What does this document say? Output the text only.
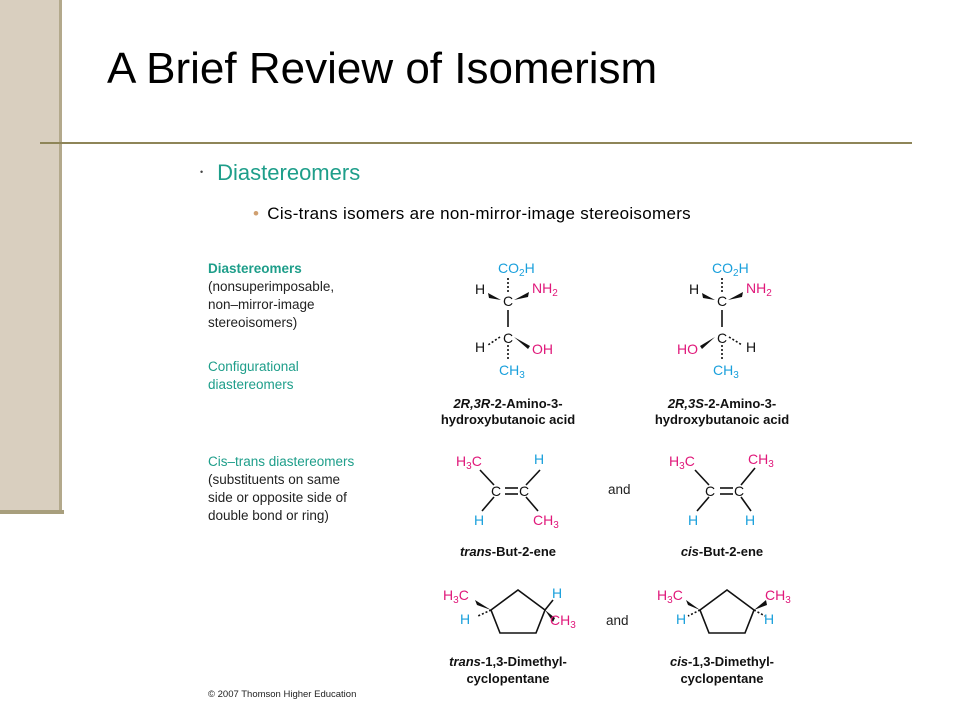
A Brief Review of Isomerism
• Diastereomers
• Cis-trans isomers are non-mirror-image stereoisomers
Diastereomers
(nonsuperimposable,
non–mirror-image
stereoisomers)
Configurational
diastereomers
Cis–trans diastereomers
(substituents on same
side or opposite side of
double bond or ring)
$CO_2H$
H
C
$NH_2$
C
H	OH
$CH_3$
$CO_2H$
H
C
$NH_2$
C
HO	H
$CH_3$
2R,3R-2-Amino-3-
hydroxybutanoic acid
2R,3S-2-Amino-3-
hydroxybutanoic acid
$H_3C$	H
C C
H	$CH_3$
and
$H_3C$	$CH_3$
C C
H	H
trans-But-2-ene	cis-But-2-ene
$H_3C$	H
H	$CH_3$ and
$H_3C$	$CH_3$
H	H
trans-1,3-Dimethyl-
cyclopentane
cis-1,3-Dimethyl-
cyclopentane
© 2007 Thomson Higher Education
